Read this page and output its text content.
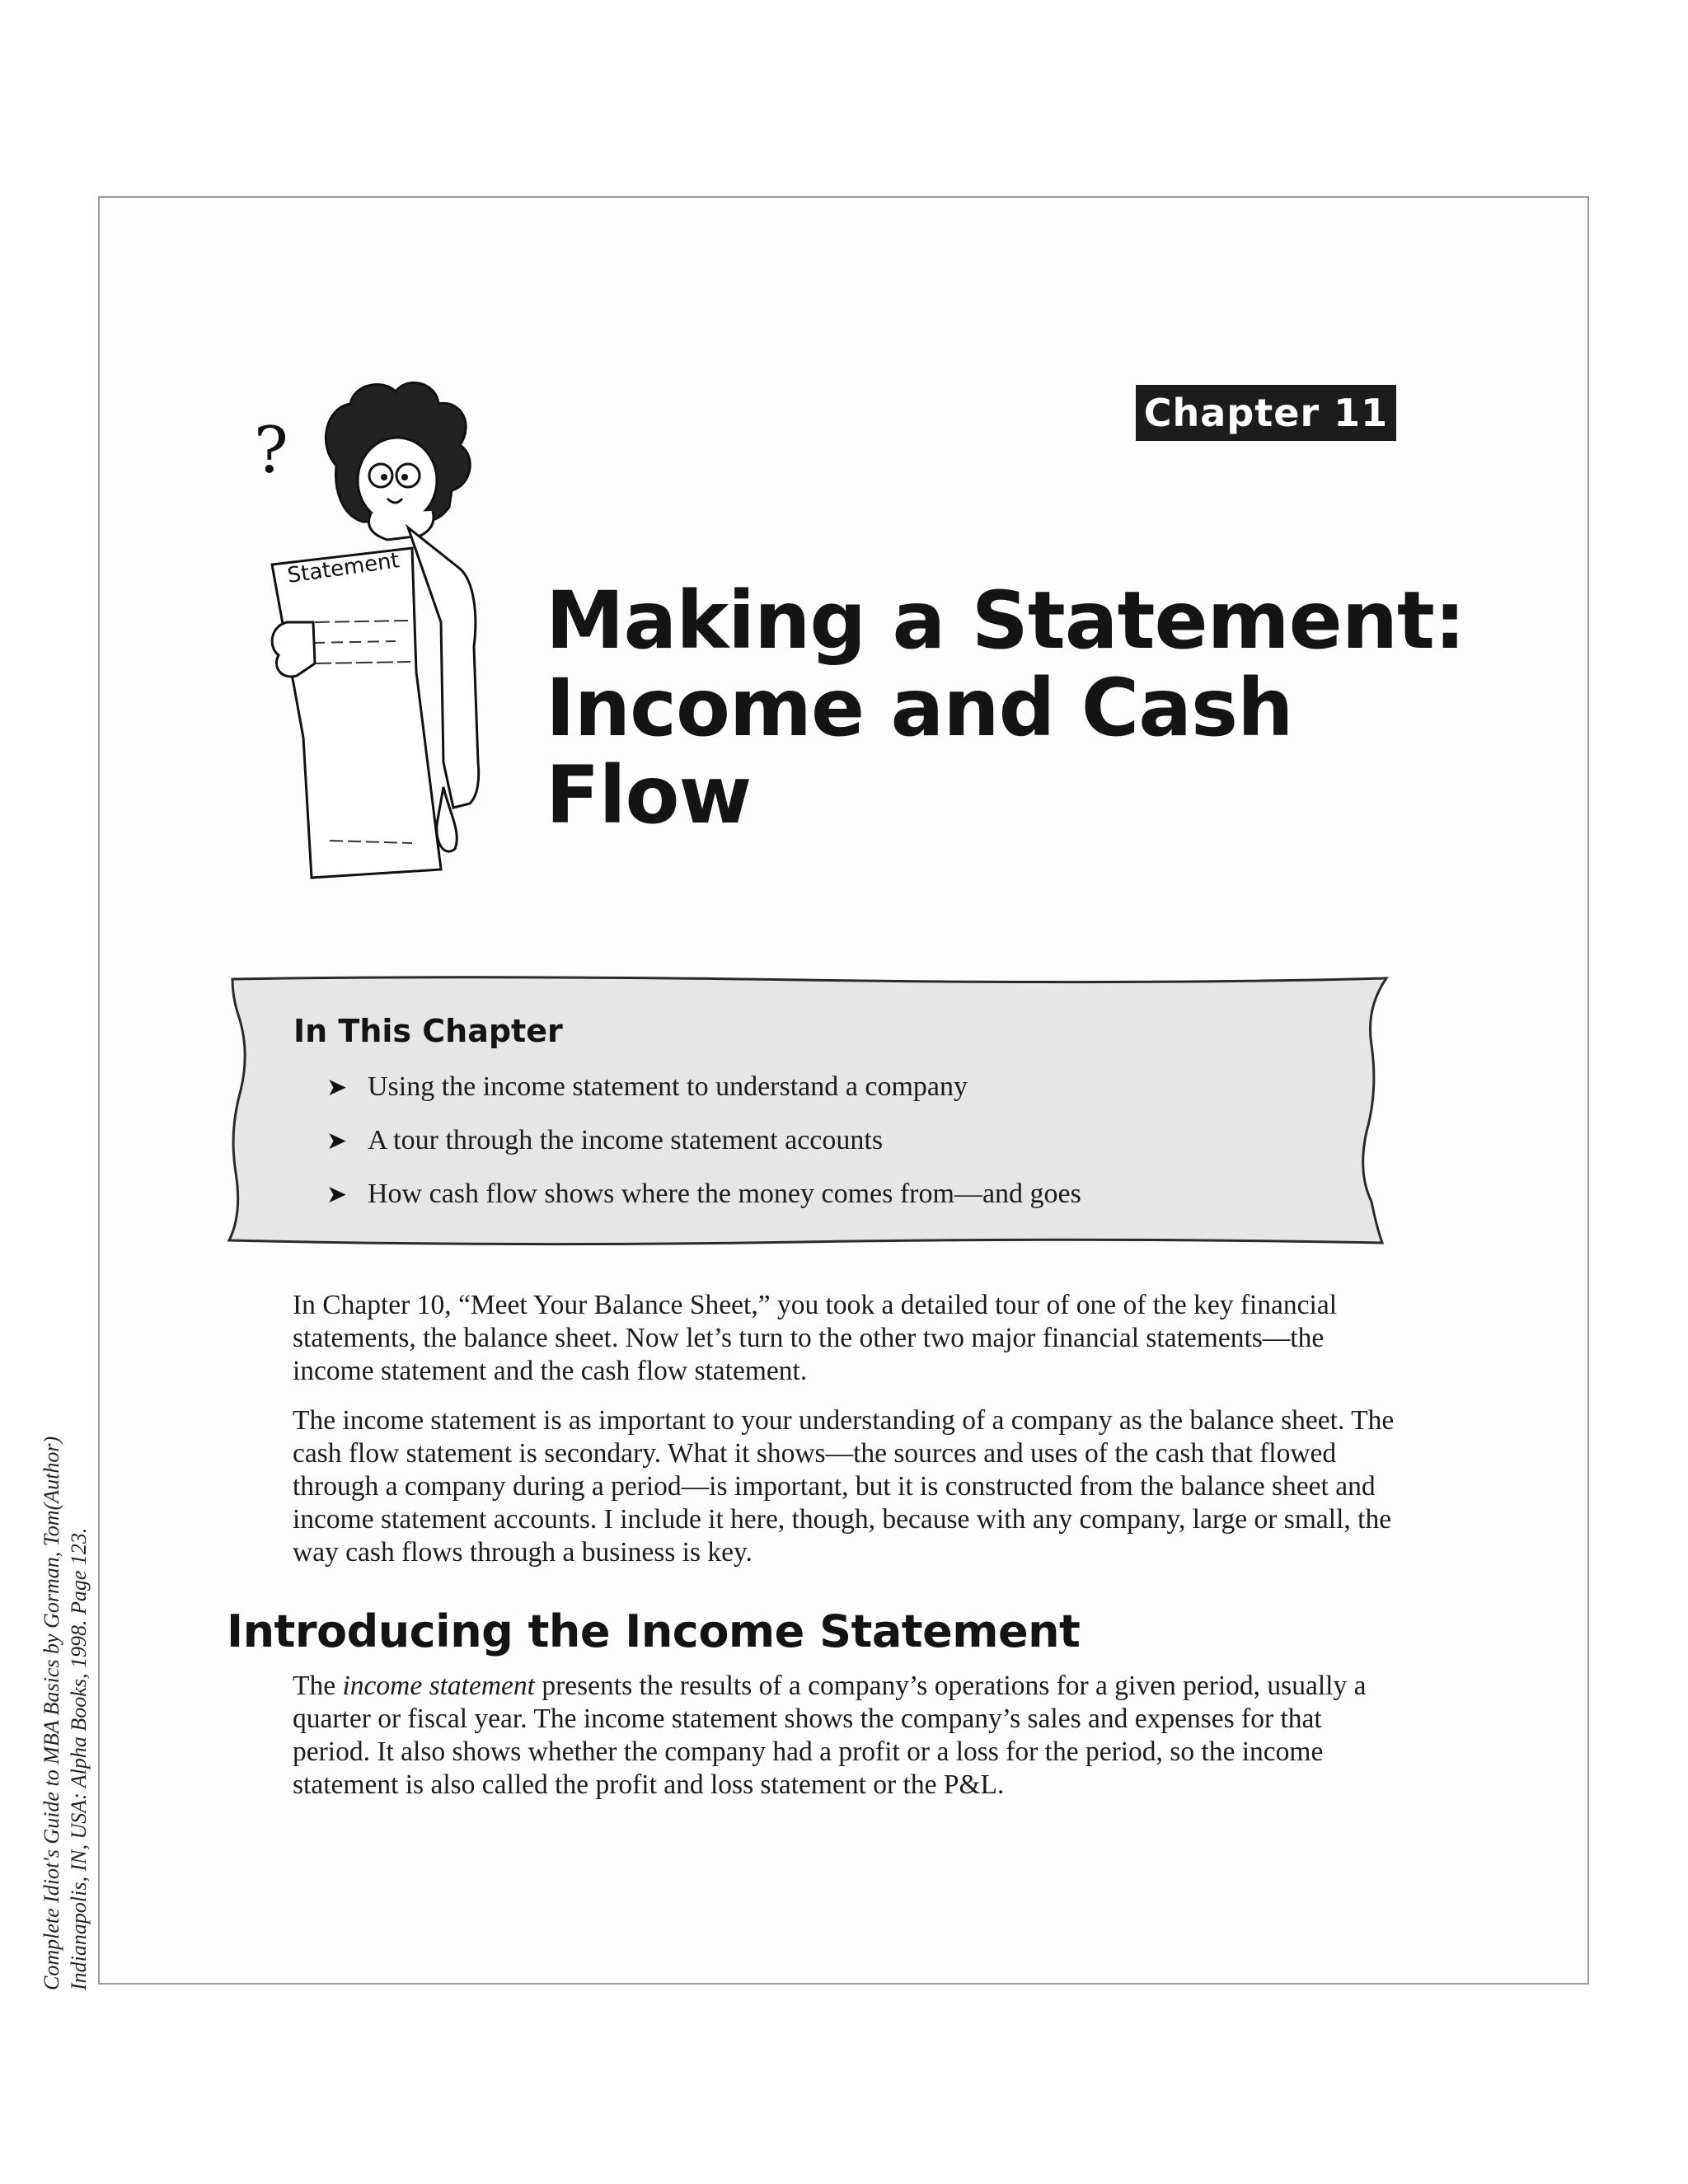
Complete Idiot's Guide to MBA Basics by Gorman, Tom(Author) Indianapolis, IN, USA: Alpha Books, 1998. Page 123.
Chapter 11
?
Statement
Making a Statement:
Income and Cash Flow
In This Chapter
➤ Using the income statement to understand a company
➤ A tour through the income statement accounts
➤ How cash flow shows where the money comes from—and goes

In Chapter 10, “Meet Your Balance Sheet,” you took a detailed tour of one of the key financial statements, the balance sheet. Now let’s turn to the other two major financial statements—the income statement and the cash flow statement.

The income statement is as important to your understanding of a company as the balance sheet. The cash flow statement is secondary. What it shows—the sources and uses of the cash that flowed through a company during a period—is important, but it is constructed from the balance sheet and income statement accounts. I include it here, though, because with any company, large or small, the way cash flows through a business is key.

Introducing the Income Statement

The income statement presents the results of a company’s operations for a given period, usually a quarter or fiscal year. The income statement shows the company’s sales and expenses for that period. It also shows whether the company had a profit or a loss for the period, so the income statement is also called the profit and loss statement or the P&L.
